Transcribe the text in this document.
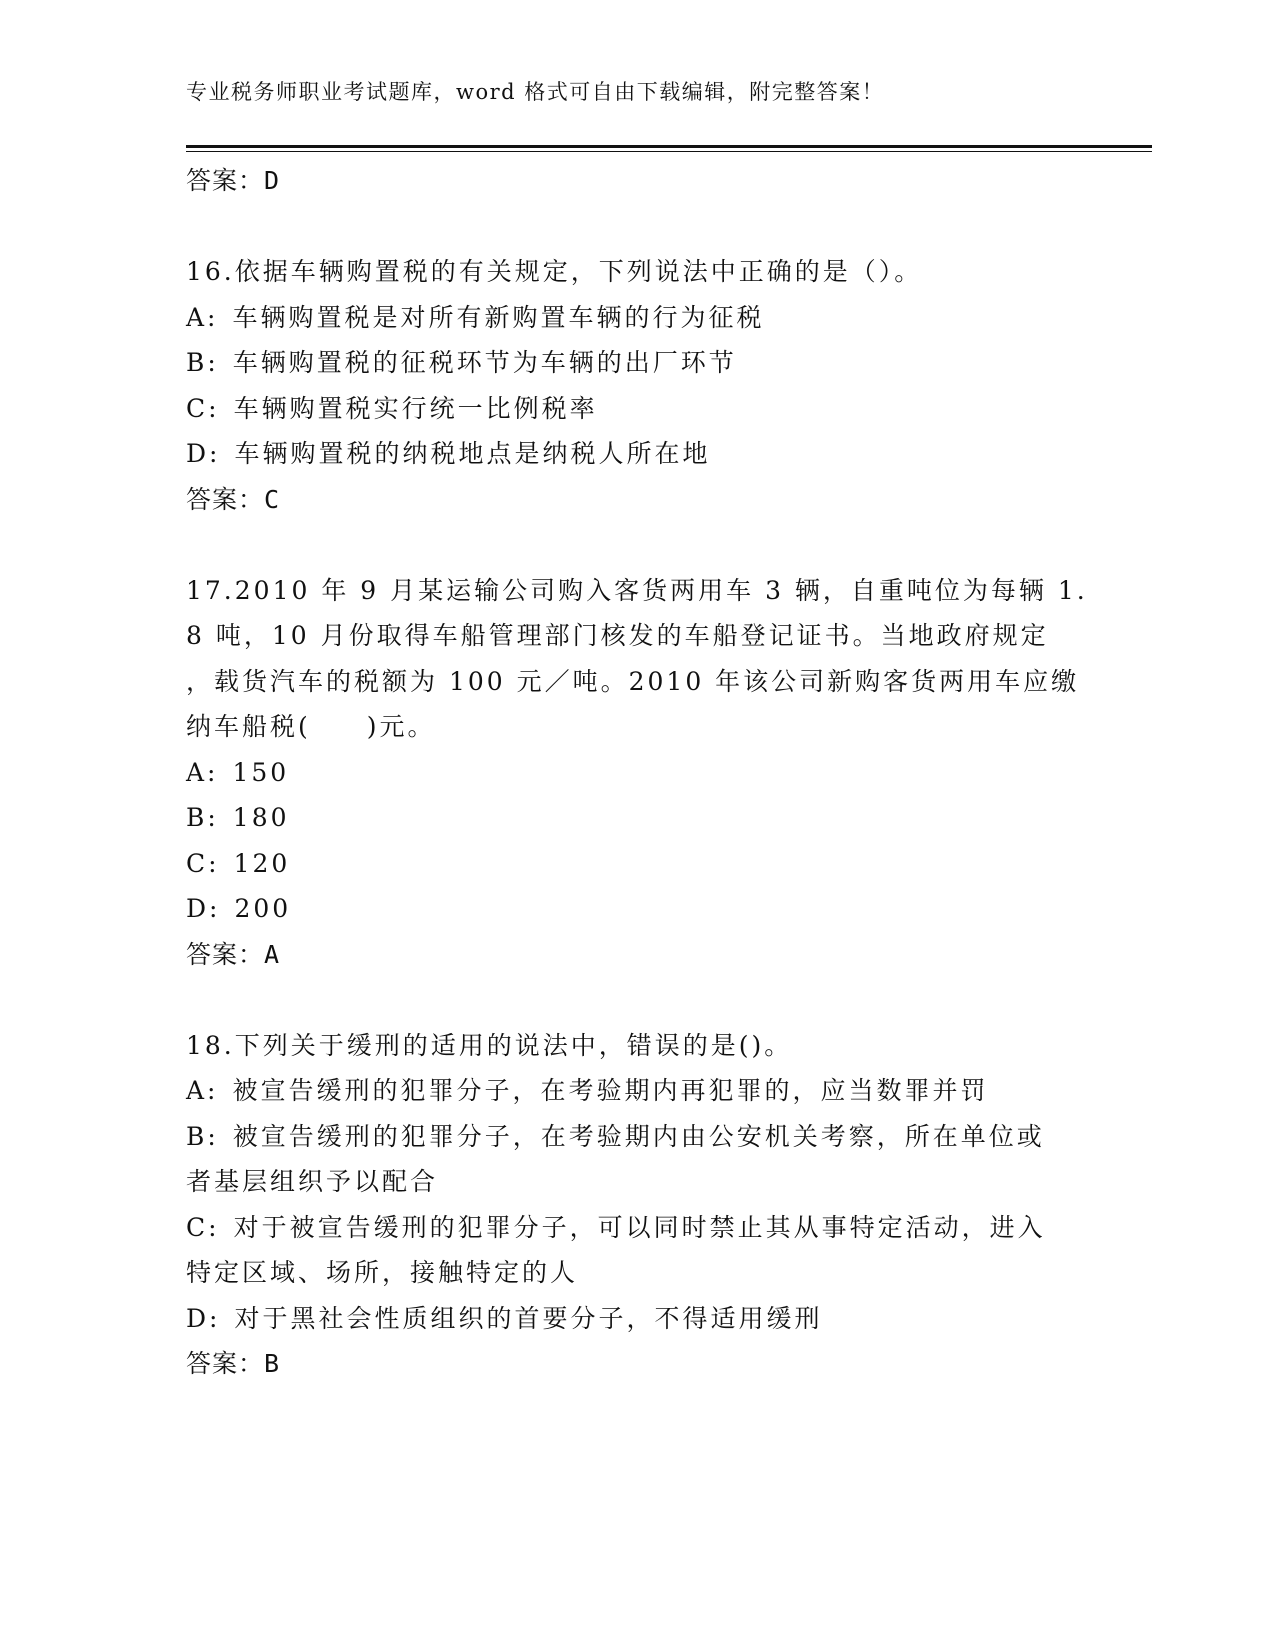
专业税务师职业考试题库，word 格式可自由下载编辑，附完整答案！
答案：D
16.依据车辆购置税的有关规定，下列说法中正确的是（）。
A: 车辆购置税是对所有新购置车辆的行为征税
B: 车辆购置税的征税环节为车辆的出厂环节
C: 车辆购置税实行统一比例税率
D: 车辆购置税的纳税地点是纳税人所在地
答案：C
17.2010 年 9 月某运输公司购入客货两用车 3 辆，自重吨位为每辆 1.
8 吨，10 月份取得车船管理部门核发的车船登记证书。当地政府规定
，载货汽车的税额为 100 元／吨。2010 年该公司新购客货两用车应缴
纳车船税(　　)元。
A: 150
B: 180
C: 120
D: 200
答案：A
18.下列关于缓刑的适用的说法中，错误的是()。
A: 被宣告缓刑的犯罪分子，在考验期内再犯罪的，应当数罪并罚
B: 被宣告缓刑的犯罪分子，在考验期内由公安机关考察，所在单位或
者基层组织予以配合
C: 对于被宣告缓刑的犯罪分子，可以同时禁止其从事特定活动，进入
特定区域、场所，接触特定的人
D: 对于黑社会性质组织的首要分子，不得适用缓刑
答案：B
